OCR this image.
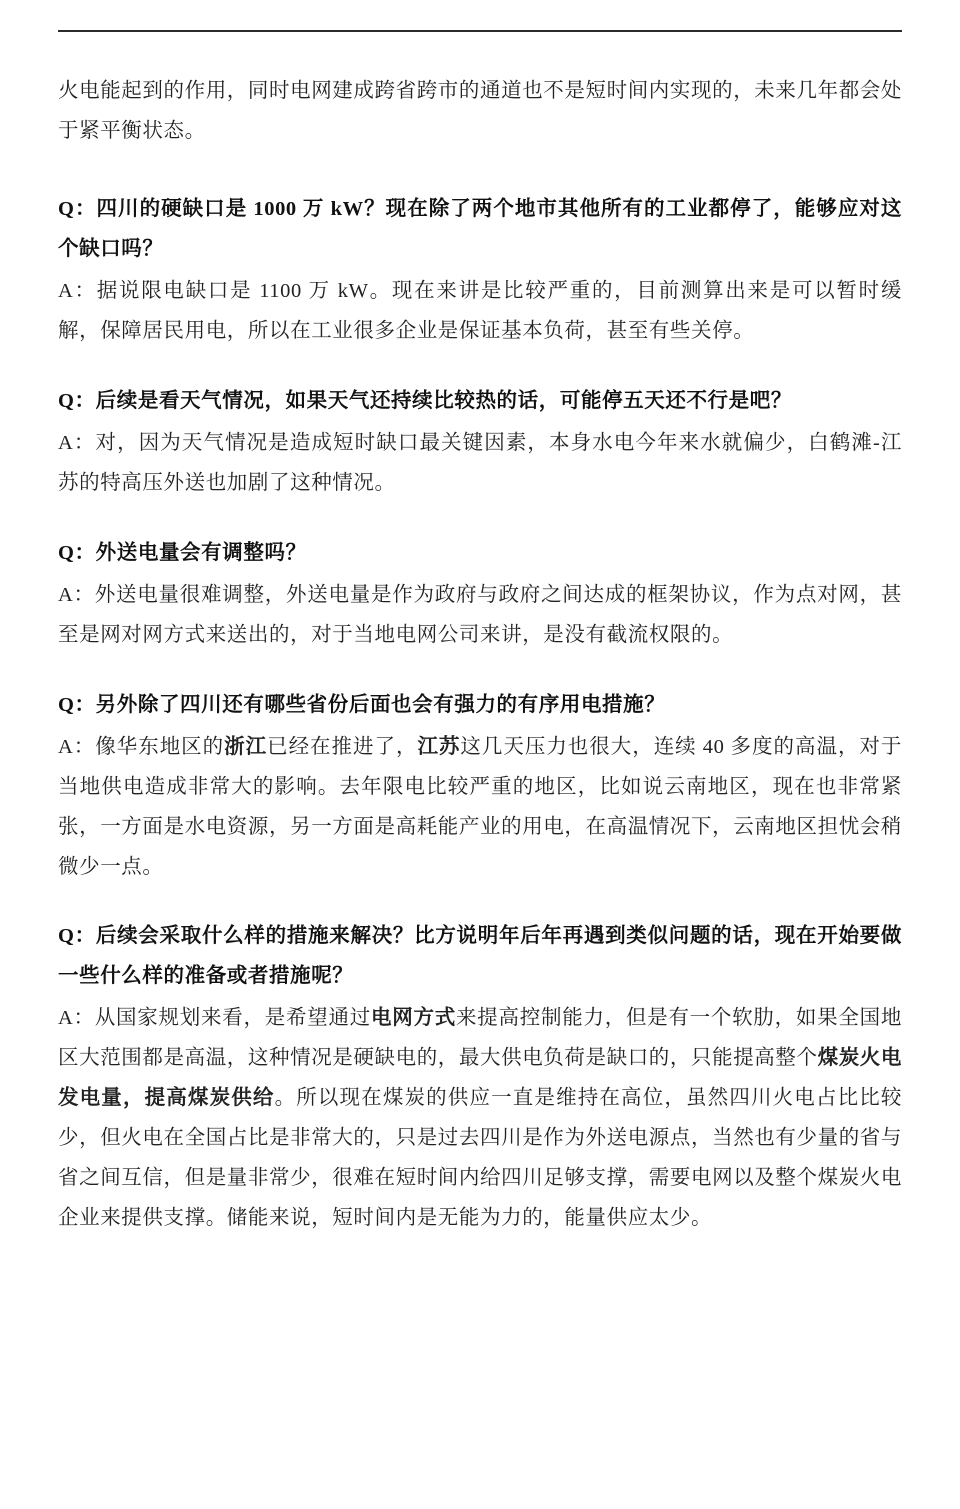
火电能起到的作用，同时电网建成跨省跨市的通道也不是短时间内实现的，未来几年都会处于紧平衡状态。

Q：四川的硬缺口是 1000 万 kW？现在除了两个地市其他所有的工业都停了，能够应对这个缺口吗？

A：据说限电缺口是 1100 万 kW。现在来讲是比较严重的，目前测算出来是可以暂时缓解，保障居民用电，所以在工业很多企业是保证基本负荷，甚至有些关停。

Q：后续是看天气情况，如果天气还持续比较热的话，可能停五天还不行是吧？

A：对，因为天气情况是造成短时缺口最关键因素，本身水电今年来水就偏少，白鹤滩-江苏的特高压外送也加剧了这种情况。

Q：外送电量会有调整吗？

A：外送电量很难调整，外送电量是作为政府与政府之间达成的框架协议，作为点对网，甚至是网对网方式来送出的，对于当地电网公司来讲，是没有截流权限的。

Q：另外除了四川还有哪些省份后面也会有强力的有序用电措施？

A：像华东地区的浙江已经在推进了，江苏这几天压力也很大，连续 40 多度的高温，对于当地供电造成非常大的影响。去年限电比较严重的地区，比如说云南地区，现在也非常紧张，一方面是水电资源，另一方面是高耗能产业的用电，在高温情况下，云南地区担忧会稍微少一点。

Q：后续会采取什么样的措施来解决？比方说明年后年再遇到类似问题的话，现在开始要做一些什么样的准备或者措施呢？

A：从国家规划来看，是希望通过电网方式来提高控制能力，但是有一个软肋，如果全国地区大范围都是高温，这种情况是硬缺电的，最大供电负荷是缺口的，只能提高整个煤炭火电发电量，提高煤炭供给。所以现在煤炭的供应一直是维持在高位，虽然四川火电占比比较少，但火电在全国占比是非常大的，只是过去四川是作为外送电源点，当然也有少量的省与省之间互信，但是量非常少，很难在短时间内给四川足够支撑，需要电网以及整个煤炭火电企业来提供支撑。储能来说，短时间内是无能为力的，能量供应太少。
